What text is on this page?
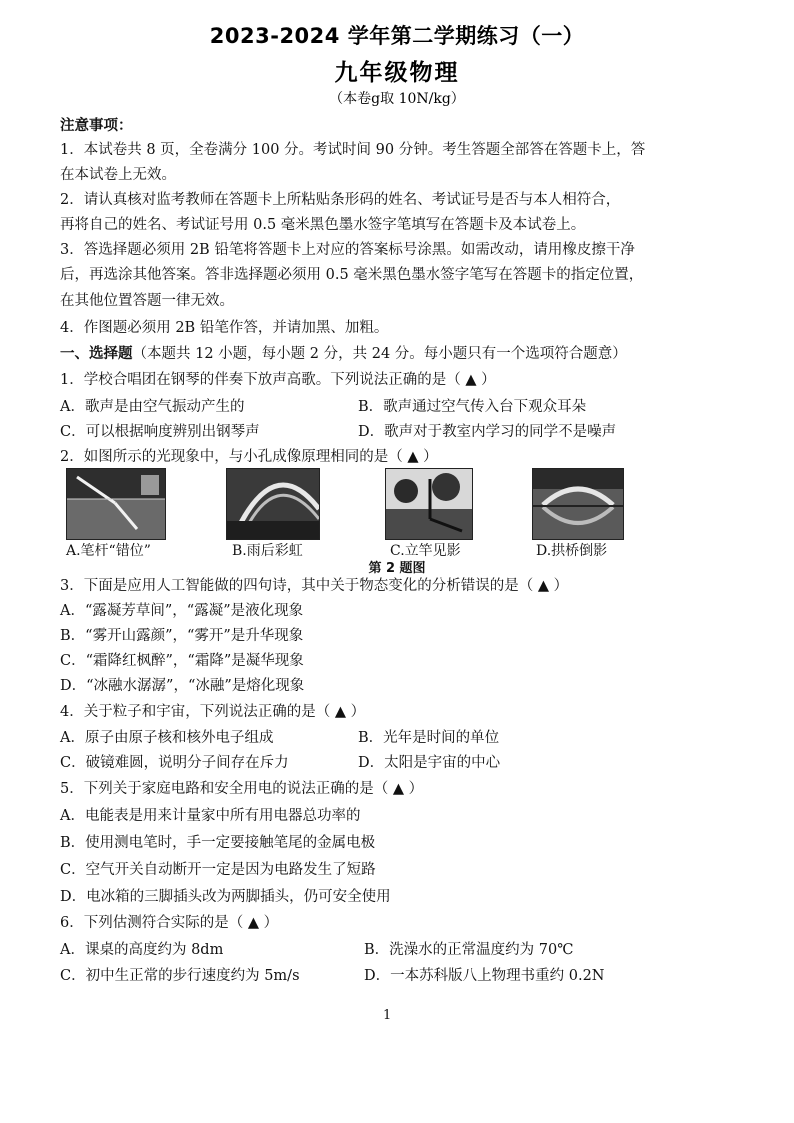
2023-2024 学年第二学期练习（一）
九年级物理
（本卷g取 10N/kg）
注意事项：
1．本试卷共 8 页，全卷满分 100 分。考试时间 90 分钟。考生答题全部答在答题卡上，答
在本试卷上无效。
2．请认真核对监考教师在答题卡上所粘贴条形码的姓名、考试证号是否与本人相符合，
再将自己的姓名、考试证号用 0.5 毫米黑色墨水签字笔填写在答题卡及本试卷上。
3．答选择题必须用 2B 铅笔将答题卡上对应的答案标号涂黑。如需改动，请用橡皮擦干净
后，再选涂其他答案。答非选择题必须用 0.5 毫米黑色墨水签字笔写在答题卡的指定位置，
在其他位置答题一律无效。
4．作图题必须用 2B 铅笔作答，并请加黑、加粗。
一、选择题（本题共 12 小题，每小题 2 分，共 24 分。每小题只有一个选项符合题意）
1．学校合唱团在钢琴的伴奏下放声高歌。下列说法正确的是（ ▲ ）
A．歌声是由空气振动产生的	B．歌声通过空气传入台下观众耳朵
C．可以根据响度辨别出钢琴声	D．歌声对于教室内学习的同学不是噪声
2．如图所示的光现象中，与小孔成像原理相同的是（ ▲ ）
A.笔杆“错位”	B.雨后彩虹	C.立竿见影	D.拱桥倒影
第 2 题图
3．下面是应用人工智能做的四句诗，其中关于物态变化的分析错误的是（ ▲ ）
A．“露凝芳草间”，“露凝”是液化现象
B．“雾开山露颜”，“雾开”是升华现象
C．“霜降红枫醉”，“霜降”是凝华现象
D．“冰融水潺潺”，“冰融”是熔化现象
4．关于粒子和宇宙，下列说法正确的是（ ▲ ）
A．原子由原子核和核外电子组成	B．光年是时间的单位
C．破镜难圆，说明分子间存在斥力	D．太阳是宇宙的中心
5．下列关于家庭电路和安全用电的说法正确的是（ ▲ ）
A．电能表是用来计量家中所有用电器总功率的
B．使用测电笔时，手一定要接触笔尾的金属电极
C．空气开关自动断开一定是因为电路发生了短路
D．电冰箱的三脚插头改为两脚插头，仍可安全使用
6．下列估测符合实际的是（ ▲ ）
A．课桌的高度约为 8dm	B．洗澡水的正常温度约为 70℃
C．初中生正常的步行速度约为 5m/s	D．一本苏科版八上物理书重约 0.2N
1
